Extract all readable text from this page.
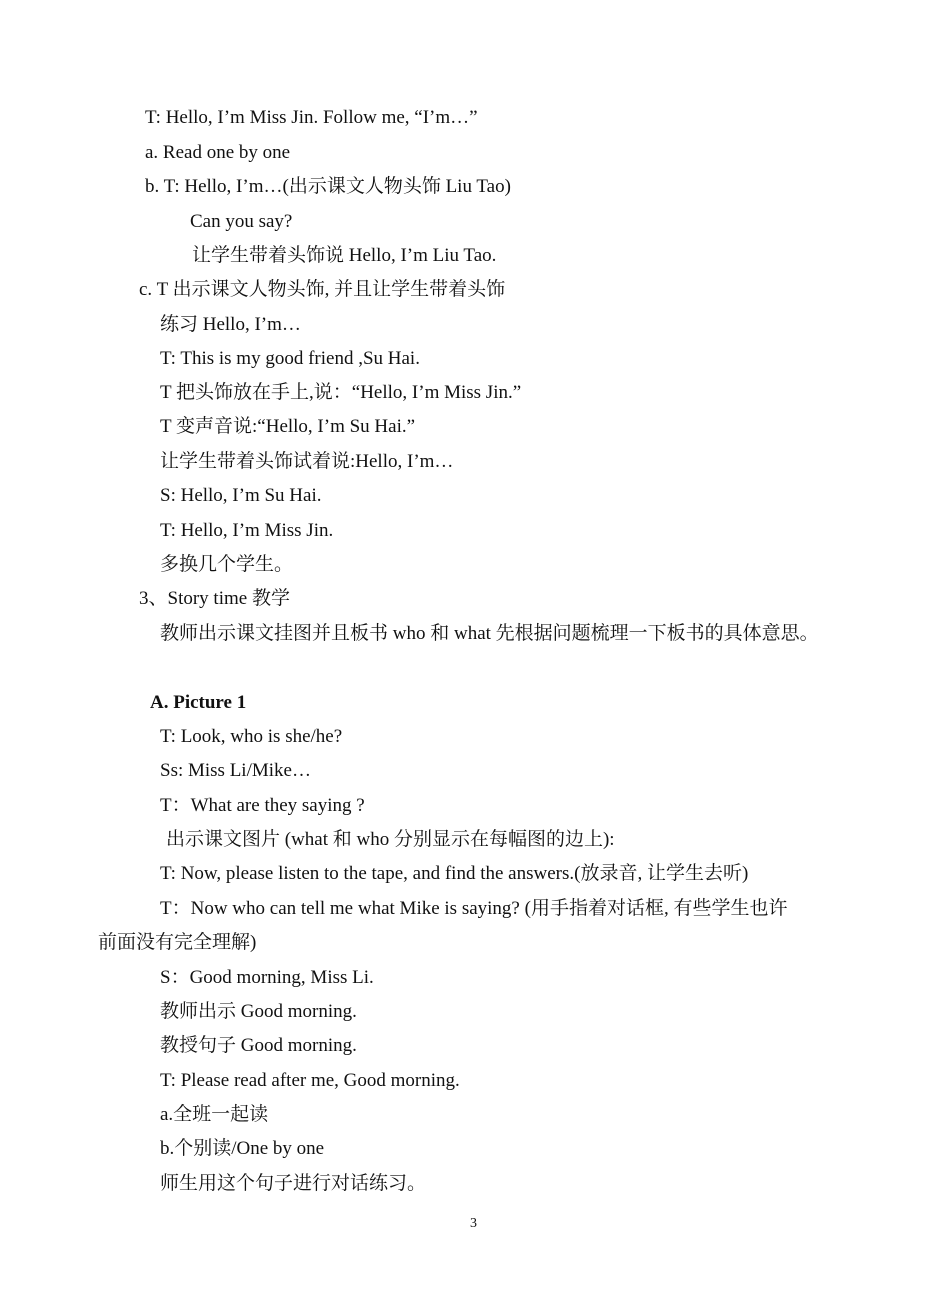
T: Hello, I’m Miss Jin. Follow me, “I’m…”
a. Read one by one
b. T: Hello, I’m…(出示课文人物头饰 Liu Tao)
Can you say?
让学生带着头饰说 Hello, I’m Liu Tao.
c. T 出示课文人物头饰, 并且让学生带着头饰
练习 Hello, I’m…
T: This is my good friend ,Su Hai.
T 把头饰放在手上,说：“Hello, I’m Miss Jin.”
T 变声音说:“Hello, I’m Su Hai.”
让学生带着头饰试着说:Hello, I’m…
S: Hello, I’m Su Hai.
T: Hello, I’m Miss Jin.
多换几个学生。
3、Story time 教学
教师出示课文挂图并且板书 who 和 what 先根据问题梳理一下板书的具体意思。
A. Picture 1
T: Look, who is she/he?
Ss: Miss Li/Mike…
T：What are they saying ?
出示课文图片 (what 和 who 分别显示在每幅图的边上):
T: Now, please listen to the tape, and find the answers.(放录音, 让学生去听)
T：Now who can tell me what Mike is saying? (用手指着对话框, 有些学生也许
前面没有完全理解)
S：Good morning, Miss Li.
教师出示 Good morning.
教授句子 Good morning.
T: Please read after me, Good morning.
a.全班一起读
b.个别读/One by one
师生用这个句子进行对话练习。
3
